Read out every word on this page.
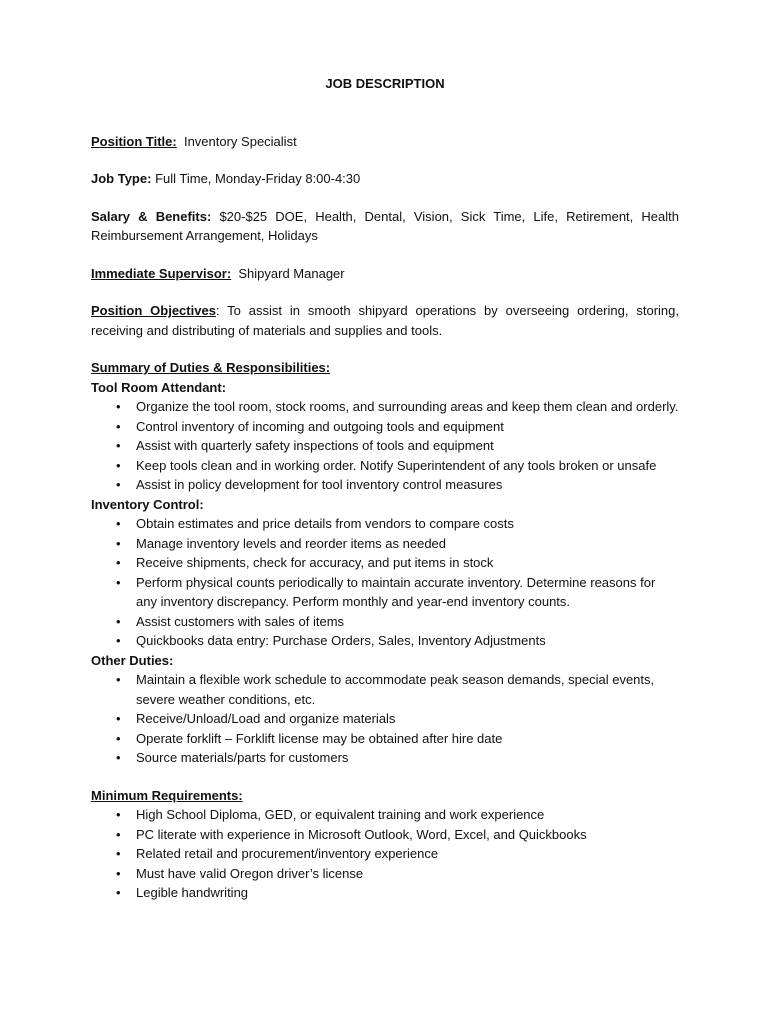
JOB DESCRIPTION

Position Title: Inventory Specialist

Job Type: Full Time, Monday-Friday 8:00-4:30

Salary & Benefits: $20-$25 DOE, Health, Dental, Vision, Sick Time, Life, Retirement, Health Reimbursement Arrangement, Holidays

Immediate Supervisor: Shipyard Manager

Position Objectives: To assist in smooth shipyard operations by overseeing ordering, storing, receiving and distributing of materials and supplies and tools.

Summary of Duties & Responsibilities:

Tool Room Attendant:

• Organize the tool room, stock rooms, and surrounding areas and keep them clean and orderly.
• Control inventory of incoming and outgoing tools and equipment
• Assist with quarterly safety inspections of tools and equipment
• Keep tools clean and in working order. Notify Superintendent of any tools broken or unsafe
• Assist in policy development for tool inventory control measures

Inventory Control:

• Obtain estimates and price details from vendors to compare costs
• Manage inventory levels and reorder items as needed
• Receive shipments, check for accuracy, and put items in stock
• Perform physical counts periodically to maintain accurate inventory. Determine reasons for any inventory discrepancy. Perform monthly and year-end inventory counts.
• Assist customers with sales of items
• Quickbooks data entry: Purchase Orders, Sales, Inventory Adjustments

Other Duties:

• Maintain a flexible work schedule to accommodate peak season demands, special events, severe weather conditions, etc.
• Receive/Unload/Load and organize materials
• Operate forklift – Forklift license may be obtained after hire date
• Source materials/parts for customers

Minimum Requirements:

• High School Diploma, GED, or equivalent training and work experience
• PC literate with experience in Microsoft Outlook, Word, Excel, and Quickbooks
• Related retail and procurement/inventory experience
• Must have valid Oregon driver’s license
• Legible handwriting
